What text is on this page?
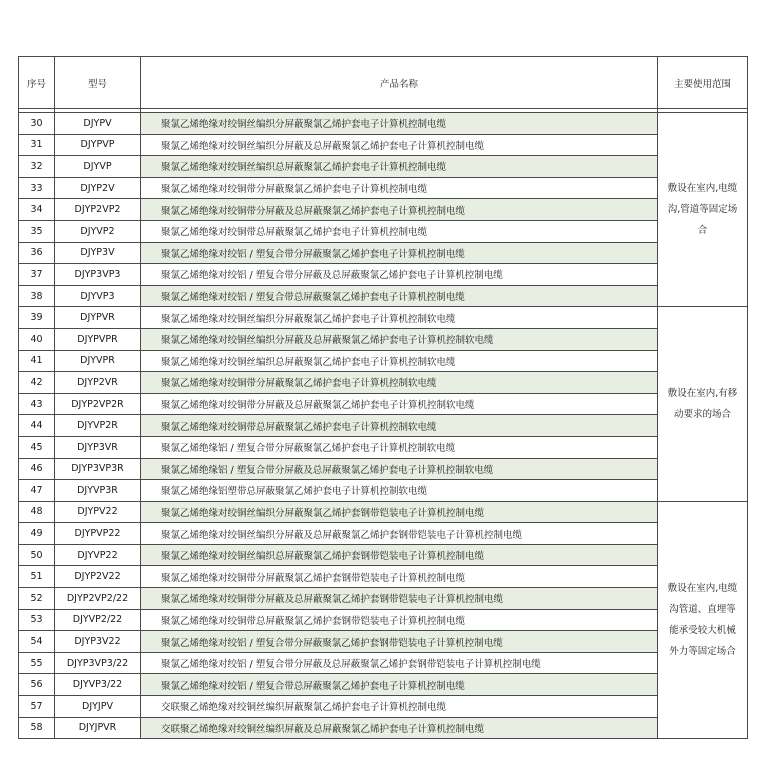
序号	型号	产品名称	主要使用范围

30	DJYPV	聚氯乙烯绝缘对绞铜丝编织分屏蔽聚氯乙烯护套电子计算机控制电缆	敷设在室内,电缆沟,管道等固定场合
31	DJYPVP	聚氯乙烯绝缘对绞铜丝编织分屏蔽及总屏蔽聚氯乙烯护套电子计算机控制电缆	
32	DJYVP	聚氯乙烯绝缘对绞铜丝编织总屏蔽聚氯乙烯护套电子计算机控制电缆	
33	DJYP2V	聚氯乙烯绝缘对绞铜带分屏蔽聚氯乙烯护套电子计算机控制电缆	
34	DJYP2VP2	聚氯乙烯绝缘对绞铜带分屏蔽及总屏蔽聚氯乙烯护套电子计算机控制电缆	
35	DJYVP2	聚氯乙烯绝缘对绞铜带总屏蔽聚氯乙烯护套电子计算机控制电缆	
36	DJYP3V	聚氯乙烯绝缘对绞铝 / 塑复合带分屏蔽聚氯乙烯护套电子计算机控制电缆	
37	DJYP3VP3	聚氯乙烯绝缘对绞铝 / 塑复合带分屏蔽及总屏蔽聚氯乙烯护套电子计算机控制电缆	
38	DJYVP3	聚氯乙烯绝缘对绞铝 / 塑复合带总屏蔽聚氯乙烯护套电子计算机控制电缆	
39	DJYPVR	聚氯乙烯绝缘对绞铜丝编织分屏蔽聚氯乙烯护套电子计算机控制软电缆	敷设在室内,有移动要求的场合
40	DJYPVPR	聚氯乙烯绝缘对绞铜丝编织分屏蔽及总屏蔽聚氯乙烯护套电子计算机控制软电缆	
41	DJYVPR	聚氯乙烯绝缘对绞铜丝编织总屏蔽聚氯乙烯护套电子计算机控制软电缆	
42	DJYP2VR	聚氯乙烯绝缘对绞铜带分屏蔽聚氯乙烯护套电子计算机控制软电缆	
43	DJYP2VP2R	聚氯乙烯绝缘对绞铜带分屏蔽及总屏蔽聚氯乙烯护套电子计算机控制软电缆	
44	DJYVP2R	聚氯乙烯绝缘对绞铜带总屏蔽聚氯乙烯护套电子计算机控制软电缆	
45	DJYP3VR	聚氯乙烯绝缘铝 / 塑复合带分屏蔽聚氯乙烯护套电子计算机控制软电缆	
46	DJYP3VP3R	聚氯乙烯绝缘铝 / 塑复合带分屏蔽及总屏蔽聚氯乙烯护套电子计算机控制软电缆	
47	DJYVP3R	聚氯乙烯绝缘铝塑带总屏蔽聚氯乙烯护套电子计算机控制软电缆	
48	DJYPV22	聚氯乙烯绝缘对绞铜丝编织分屏蔽聚氯乙烯护套钢带铠装电子计算机控制电缆	敷设在室内,电缆沟管道、直埋等能承受较大机械外力等固定场合
49	DJYPVP22	聚氯乙烯绝缘对绞铜丝编织分屏蔽及总屏蔽聚氯乙烯护套钢带铠装电子计算机控制电缆	
50	DJYVP22	聚氯乙烯绝缘对绞铜丝编织总屏蔽聚氯乙烯护套钢带铠装电子计算机控制电缆	
51	DJYP2V22	聚氯乙烯绝缘对绞铜带分屏蔽聚氯乙烯护套钢带铠装电子计算机控制电缆	
52	DJYP2VP2/22	聚氯乙烯绝缘对绞铜带分屏蔽及总屏蔽聚氯乙烯护套钢带铠装电子计算机控制电缆	
53	DJYVP2/22	聚氯乙烯绝缘对绞铜带总屏蔽聚氯乙烯护套钢带铠装电子计算机控制电缆	
54	DJYP3V22	聚氯乙烯绝缘对绞铝 / 塑复合带分屏蔽聚氯乙烯护套钢带铠装电子计算机控制电缆	
55	DJYP3VP3/22	聚氯乙烯绝缘对绞铝 / 塑复合带分屏蔽及总屏蔽聚氯乙烯护套钢带铠装电子计算机控制电缆	
56	DJYVP3/22	聚氯乙烯绝缘对绞铝 / 塑复合带总屏蔽聚氯乙烯护套电子计算机控制电缆	
57	DJYJPV	交联聚乙烯绝缘对绞铜丝编织屏蔽聚氯乙烯护套电子计算机控制电缆	
58	DJYJPVR	交联聚乙烯绝缘对绞铜丝编织屏蔽及总屏蔽聚氯乙烯护套电子计算机控制电缆	
